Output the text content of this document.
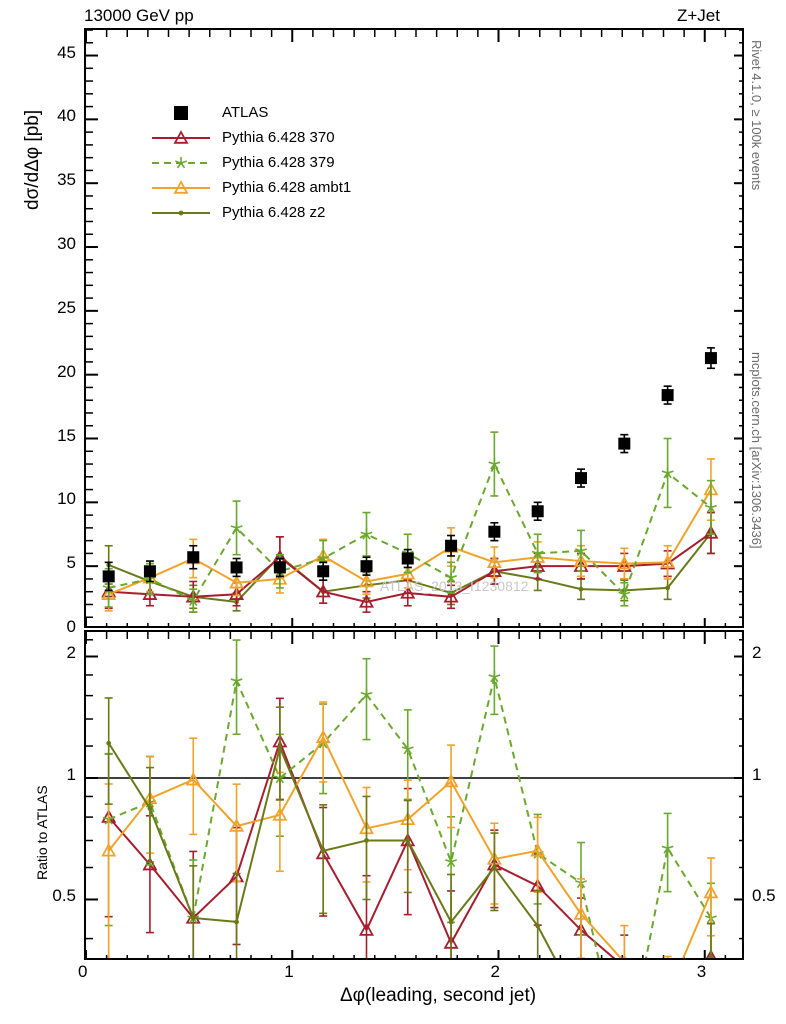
13000 GeV pp	Z+Jet
Rivet 4.1.0, ≥ 100k events
mcplots.cern.ch [arXiv:1306.3436]
dσ/dΔφ [pb]
Ratio to ATLAS
Δφ(leading, second jet)
ATLAS
Pythia 6.428 370
Pythia 6.428 379
Pythia 6.428 ambt1
Pythia 6.428 z2
ATLAS_2013_I1230812
0
5
10
15
20
25
30
35
40
45
0.5	0.5
1	1
2	2
0	1	2	3
